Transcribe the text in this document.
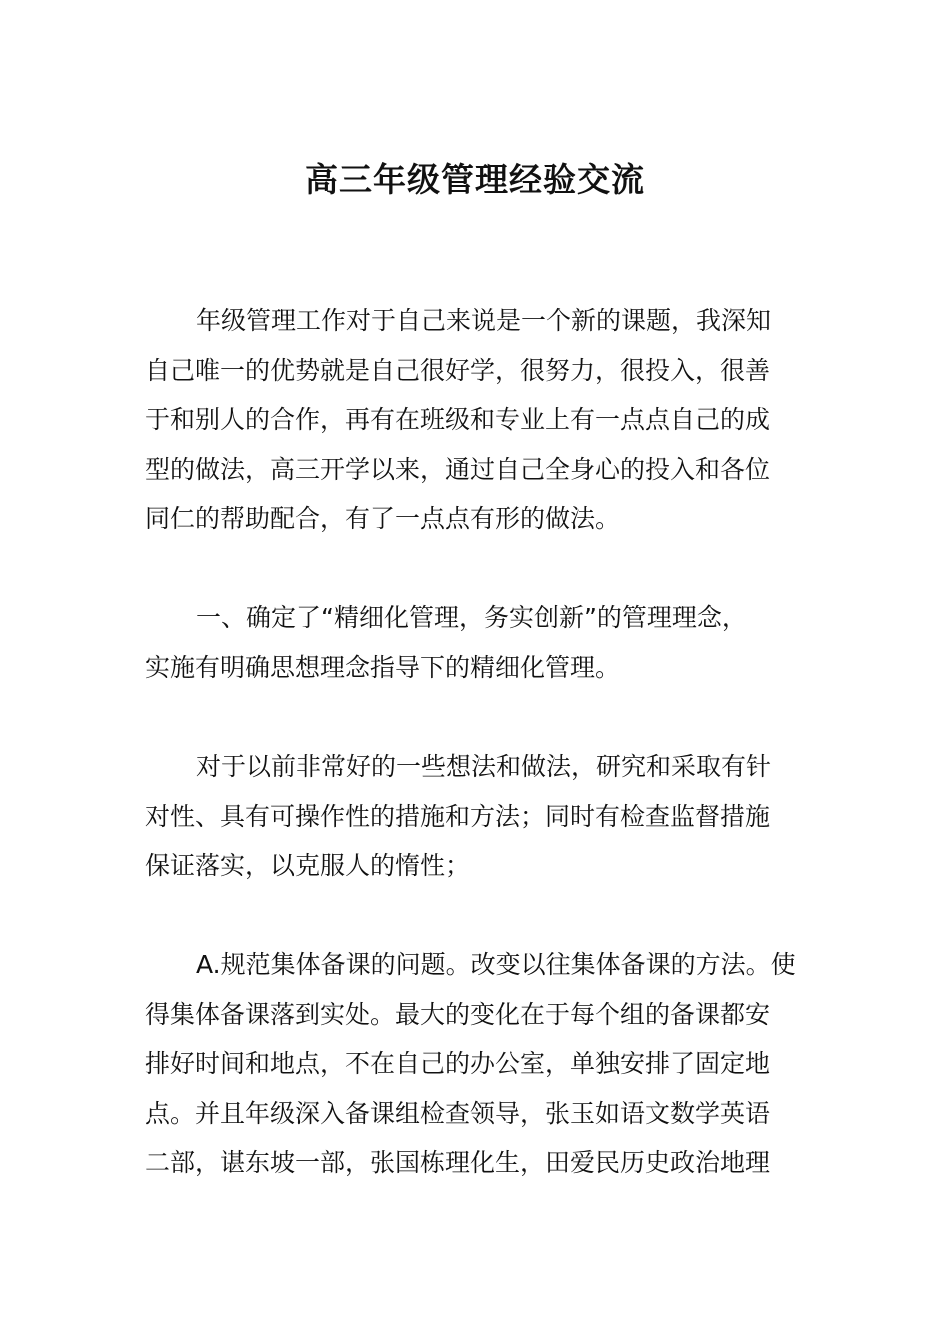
高三年级管理经验交流

年级管理工作对于自己来说是一个新的课题，我深知
自己唯一的优势就是自己很好学，很努力，很投入，很善
于和别人的合作，再有在班级和专业上有一点点自己的成
型的做法，高三开学以来，通过自己全身心的投入和各位
同仁的帮助配合，有了一点点有形的做法。

一、确定了“精细化管理，务实创新”的管理理念，
实施有明确思想理念指导下的精细化管理。

对于以前非常好的一些想法和做法，研究和采取有针
对性、具有可操作性的措施和方法；同时有检查监督措施
保证落实，以克服人的惰性；

A.规范集体备课的问题。改变以往集体备课的方法。使
得集体备课落到实处。最大的变化在于每个组的备课都安
排好时间和地点，不在自己的办公室，单独安排了固定地
点。并且年级深入备课组检查领导，张玉如语文数学英语
二部，谌东坡一部，张国栋理化生，田爱民历史政治地理
